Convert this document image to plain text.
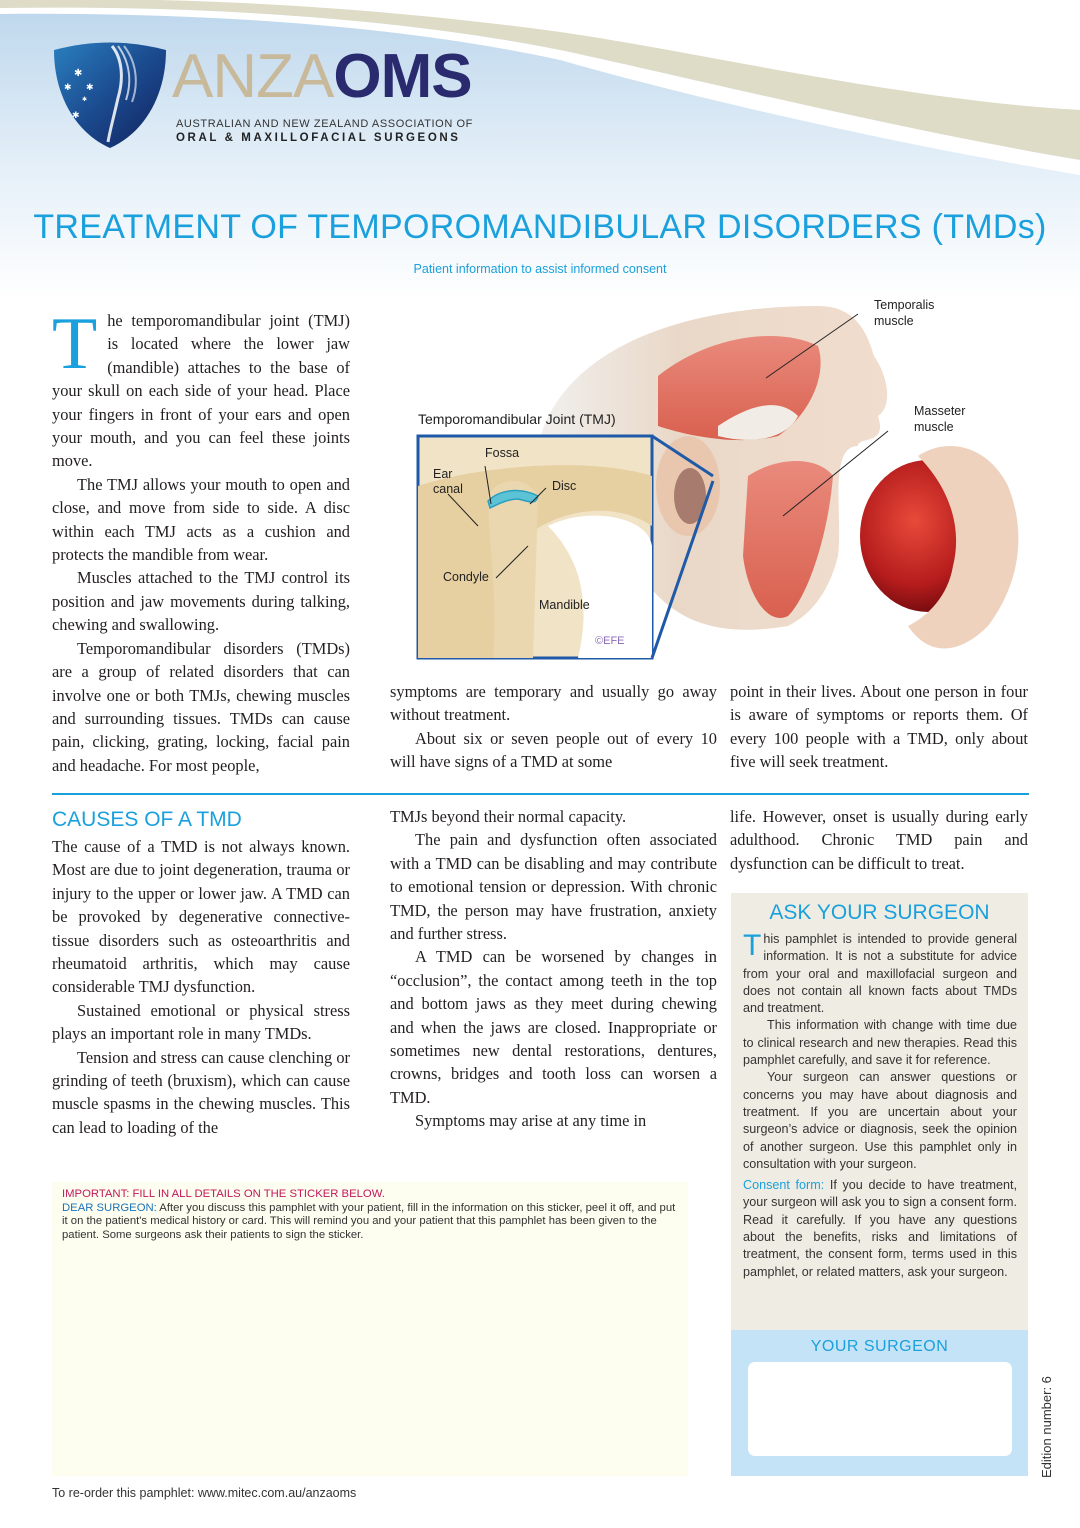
✱
✱ ✱
✱
✱ ANZAOMS
AUSTRALIAN AND NEW ZEALAND ASSOCIATION OF
ORAL & MAXILLOFACIAL SURGEONS
TREATMENT OF TEMPOROMANDIBULAR DISORDERS (TMDs)
Patient information to assist informed consent

The temporomandibular joint (TMJ) is located where the lower jaw (mandible) attaches to the base of your skull on each side of your head. Place your fingers in front of your ears and open your mouth, and you can feel these joints move.

The TMJ allows your mouth to open and close, and move from side to side. A disc within each TMJ acts as a cushion and protects the mandible from wear.

Muscles attached to the TMJ control its position and jaw movements during talking, chewing and swallowing.

Temporomandibular disorders (TMDs) are a group of related disorders that can involve one or both TMJs, chewing muscles and surrounding tissues. TMDs can cause pain, clicking, grating, locking, facial pain and headache. For most people,

Temporomandibular Joint (TMJ)
Fossa
Ear
canal	Disc
Condyle
Mandible
©EFE
Temporalis
muscle
Masseter
muscle

symptoms are temporary and usually go away without treatment.

About six or seven people out of every 10 will have signs of a TMD at some

point in their lives. About one person in four is aware of symptoms or reports them. Of every 100 people with a TMD, only about five will seek treatment.

CAUSES OF A TMD

The cause of a TMD is not always known. Most are due to joint degeneration, trauma or injury to the upper or lower jaw. A TMD can be provoked by degenerative connective-tissue disorders such as osteoarthritis and rheumatoid arthritis, which may cause considerable TMJ dysfunction.

Sustained emotional or physical stress plays an important role in many TMDs.

Tension and stress can cause clenching or grinding of teeth (bruxism), which can cause muscle spasms in the chewing muscles. This can lead to loading of the

TMJs beyond their normal capacity.

The pain and dysfunction often associated with a TMD can be disabling and may contribute to emotional tension or depression. With chronic TMD, the person may have frustration, anxiety and further stress.

A TMD can be worsened by changes in “occlusion”, the contact among teeth in the top and bottom jaws as they meet during chewing and when the jaws are closed. Inappropriate or sometimes new dental restorations, dentures, crowns, bridges and tooth loss can worsen a TMD.

Symptoms may arise at any time in

life. However, onset is usually during early adulthood. Chronic TMD pain and dysfunction can be difficult to treat.

IMPORTANT: FILL IN ALL DETAILS ON THE STICKER BELOW.
DEAR SURGEON: After you discuss this pamphlet with your patient, fill in the information on this sticker, peel it off, and put it on the patient's medical history or card. This will remind you and your patient that this pamphlet has been given to the patient. Some surgeons ask their patients to sign the sticker.
ASK YOUR SURGEON

This pamphlet is intended to provide general information. It is not a substitute for advice from your oral and maxillofacial surgeon and does not contain all known facts about TMDs and treatment.

This information with change with time due to clinical research and new therapies. Read this pamphlet carefully, and save it for reference.

Your surgeon can answer questions or concerns you may have about diagnosis and treatment. If you are uncertain about your surgeon’s advice or diagnosis, seek the opinion of another surgeon. Use this pamphlet only in consultation with your surgeon.

Consent form: If you decide to have treatment, your surgeon will ask you to sign a consent form. Read it carefully. If you have any questions about the benefits, risks and limitations of treatment, the consent form, terms used in this pamphlet, or related matters, ask your surgeon.

YOUR SURGEON
Edition number: 6
To re-order this pamphlet: www.mitec.com.au/anzaoms
